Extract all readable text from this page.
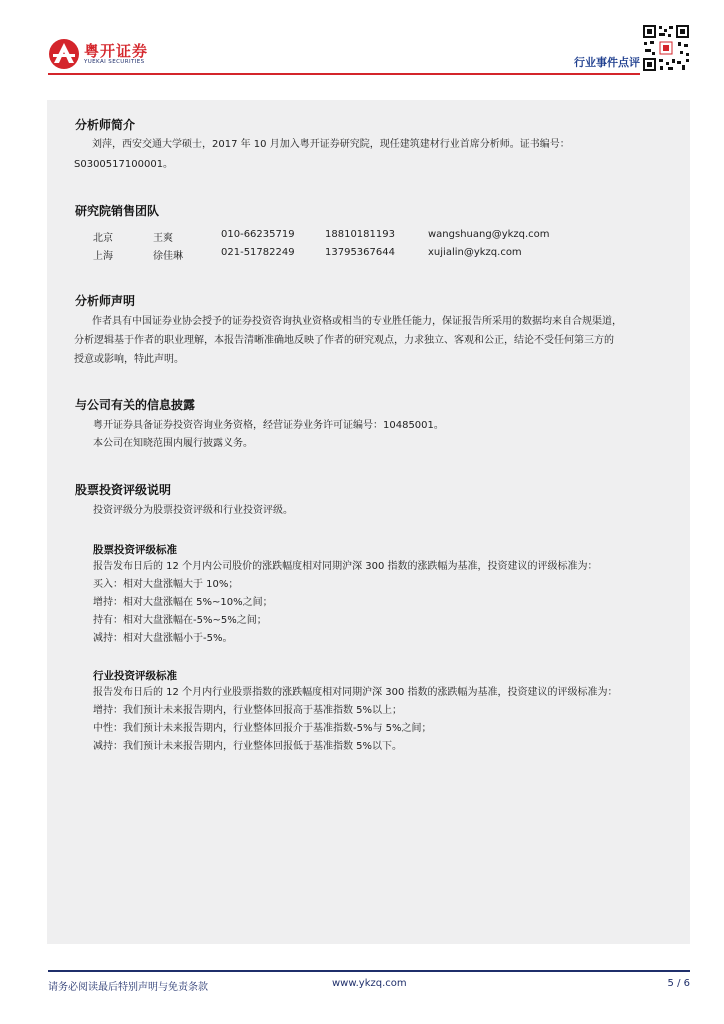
粤开证券
YUEKAI SECURITIES	行业事件点评
分析师简介
刘萍，西安交通大学硕士，2017 年 10 月加入粤开证券研究院，现任建筑建材行业首席分析师。证书编号：
S0300517100001。
研究院销售团队
北京	王爽	010-66235719	18810181193	wangshuang@ykzq.com
上海	徐佳琳	021-51782249	13795367644	xujialin@ykzq.com
分析师声明
作者具有中国证券业协会授予的证券投资咨询执业资格或相当的专业胜任能力，保证报告所采用的数据均来自合规渠道，
分析逻辑基于作者的职业理解，本报告清晰准确地反映了作者的研究观点，力求独立、客观和公正，结论不受任何第三方的
授意或影响，特此声明。
与公司有关的信息披露
粤开证券具备证券投资咨询业务资格，经营证券业务许可证编号：10485001。
本公司在知晓范围内履行披露义务。
股票投资评级说明
投资评级分为股票投资评级和行业投资评级。
股票投资评级标准
报告发布日后的 12 个月内公司股价的涨跌幅度相对同期沪深 300 指数的涨跌幅为基准，投资建议的评级标准为：
买入：相对大盘涨幅大于 10%；
增持：相对大盘涨幅在 5%~10%之间；
持有：相对大盘涨幅在-5%~5%之间；
减持：相对大盘涨幅小于-5%。
行业投资评级标准
报告发布日后的 12 个月内行业股票指数的涨跌幅度相对同期沪深 300 指数的涨跌幅为基准，投资建议的评级标准为：
增持：我们预计未来报告期内，行业整体回报高于基准指数 5%以上；
中性：我们预计未来报告期内，行业整体回报介于基准指数-5%与 5%之间；
减持：我们预计未来报告期内，行业整体回报低于基准指数 5%以下。
请务必阅读最后特别声明与免责条款	www.ykzq.com	5 / 6
